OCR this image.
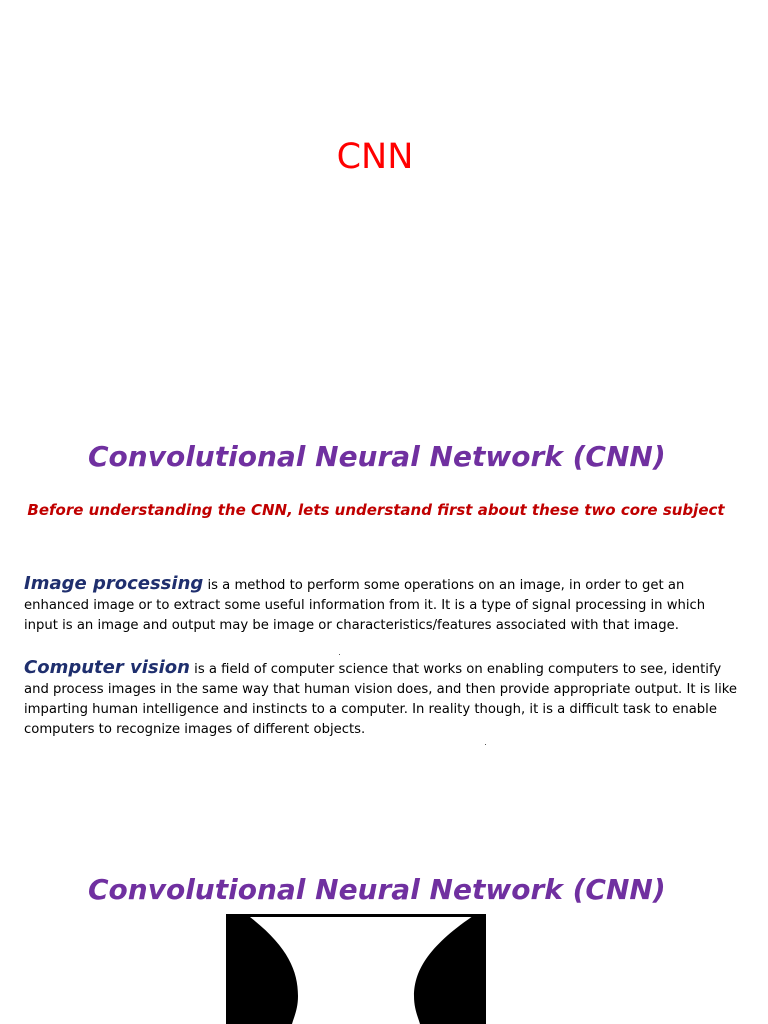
CNN
Convolutional Neural Network (CNN)
Before understanding the CNN, lets understand first about these two core subject
Image processing is a method to perform some operations on an image, in order to get an enhanced image or to extract some useful information from it. It is a type of signal processing in which input is an image and output may be image or characteristics/features associated with that image.
Computer vision is a field of computer science that works on enabling computers to see, identify and process images in the same way that human vision does, and then provide appropriate output. It is like imparting human intelligence and instincts to a computer. In reality though, it is a difficult task to enable computers to recognize images of different objects.
Convolutional Neural Network (CNN)
